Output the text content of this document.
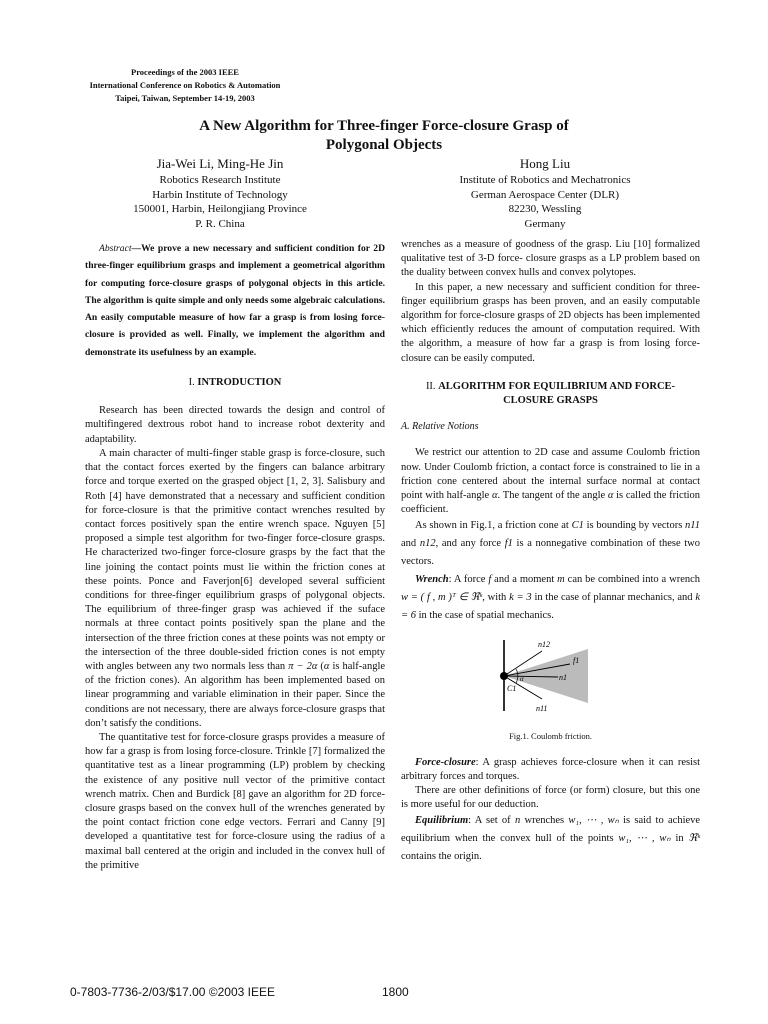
Proceedings of the 2003 IEEE
International Conference on Robotics & Automation
Taipei, Taiwan, September 14-19, 2003
A New Algorithm for Three-finger Force-closure Grasp of
Polygonal Objects
Jia-Wei Li, Ming-He Jin
Robotics Research Institute
Harbin Institute of Technology
150001, Harbin, Heilongjiang Province
P. R. China
Hong Liu
Institute of Robotics and Mechatronics
German Aerospace Center (DLR)
82230, Wessling
Germany

Abstract—We prove a new necessary and sufficient condition for 2D three-finger equilibrium grasps and implement a geometrical algorithm for computing force-closure grasps of polygonal objects in this article. The algorithm is quite simple and only needs some algebraic calculations. An easily computable measure of how far a grasp is from losing force-closure is provided as well. Finally, we implement the algorithm and demonstrate its usefulness by an example.

I. INTRODUCTION

Research has been directed towards the design and control of multifingered dextrous robot hand to increase robot dexterity and adaptability.

A main character of multi-finger stable grasp is force-closure, such that the contact forces exerted by the fingers can balance arbitrary force and torque exerted on the grasped object [1, 2, 3]. Salisbury and Roth [4] have demonstrated that a necessary and sufficient condition for force-closure is that the primitive contact wrenches resulted by contact forces positively span the entire wrench space. Nguyen [5] proposed a simple test algorithm for two-finger force-closure grasps. He characterized two-finger force-closure grasps by the fact that the line joining the contact points must lie within the friction cones at these points. Ponce and Faverjon[6] developed several sufficient conditions for three-finger equilibrium grasps of polygonal objects. The equilibrium of three-finger grasp was achieved if the suface normals at three contact points positively span the plane and the intersection of the three friction cones at these points was not empty or the intersection of the three double-sided friction cones is not empty with angles between any two normals less than π − 2α (α is half-angle of the friction cones). An algorithm has been implemented based on linear programming and variable elimination in their paper. Since the conditions are not necessary, there are always force-closure grasps that don’t satisfy the conditions.

The quantitative test for force-closure grasps provides a measure of how far a grasp is from losing force-closure. Trinkle [7] formalized the quantitative test as a linear programming (LP) problem by checking the existence of any positive null vector of the primitive contact wrench matrix. Chen and Burdick [8] gave an algorithm for 2D force-closure grasps based on the convex hull of the wrenches generated by the point contact friction cone edge vectors. Ferrari and Canny [9] developed a quantitative test for force-closure using the radius of a maximal ball centered at the origin and included in the convex hull of the primitive

wrenches as a measure of goodness of the grasp. Liu [10] formalized qualitative test of 3-D force- closure grasps as a LP problem based on the duality between convex hulls and convex polytopes.

In this paper, a new necessary and sufficient condition for three-finger equilibrium grasps has been proven, and an easily computable algorithm for force-closure grasps of 2D objects has been implemented which efficiently reduces the amount of computation required. With the algorithm, a measure of how far a grasp is from losing force-closure can be easily computed.

II. ALGORITHM FOR EQUILIBRIUM AND FORCE-CLOSURE GRASPS

A. Relative Notions

We restrict our attention to 2D case and assume Coulomb friction now. Under Coulomb friction, a contact force is constrained to lie in a friction cone centered about the internal surface normal at contact point with half-angle α. The tangent of the angle α is called the friction coefficient.

As shown in Fig.1, a friction cone at C1 is bounding by vectors n11 and n12, and any force f1 is a nonnegative combination of these two vectors.

Wrench: A force f and a moment m can be combined into a wrench w = ( f , m )ᵀ ∈ ℜᵏ, with k = 3 in the case of plannar mechanics, and k = 6 in the case of spatial mechanics.

n12
f1
n1
C1
α
n11

Fig.1. Coulomb friction.

Force-closure: A grasp achieves force-closure when it can resist arbitrary forces and torques.

There are other definitions of force (or form) closure, but this one is more useful for our deduction.

Equilibrium: A set of n wrenches w₁, ⋯ , wₙ is said to achieve equilibrium when the convex hull of the points w₁, ⋯ , wₙ in ℜᵏ contains the origin.

0-7803-7736-2/03/$17.00 ©2003 IEEE	1800
